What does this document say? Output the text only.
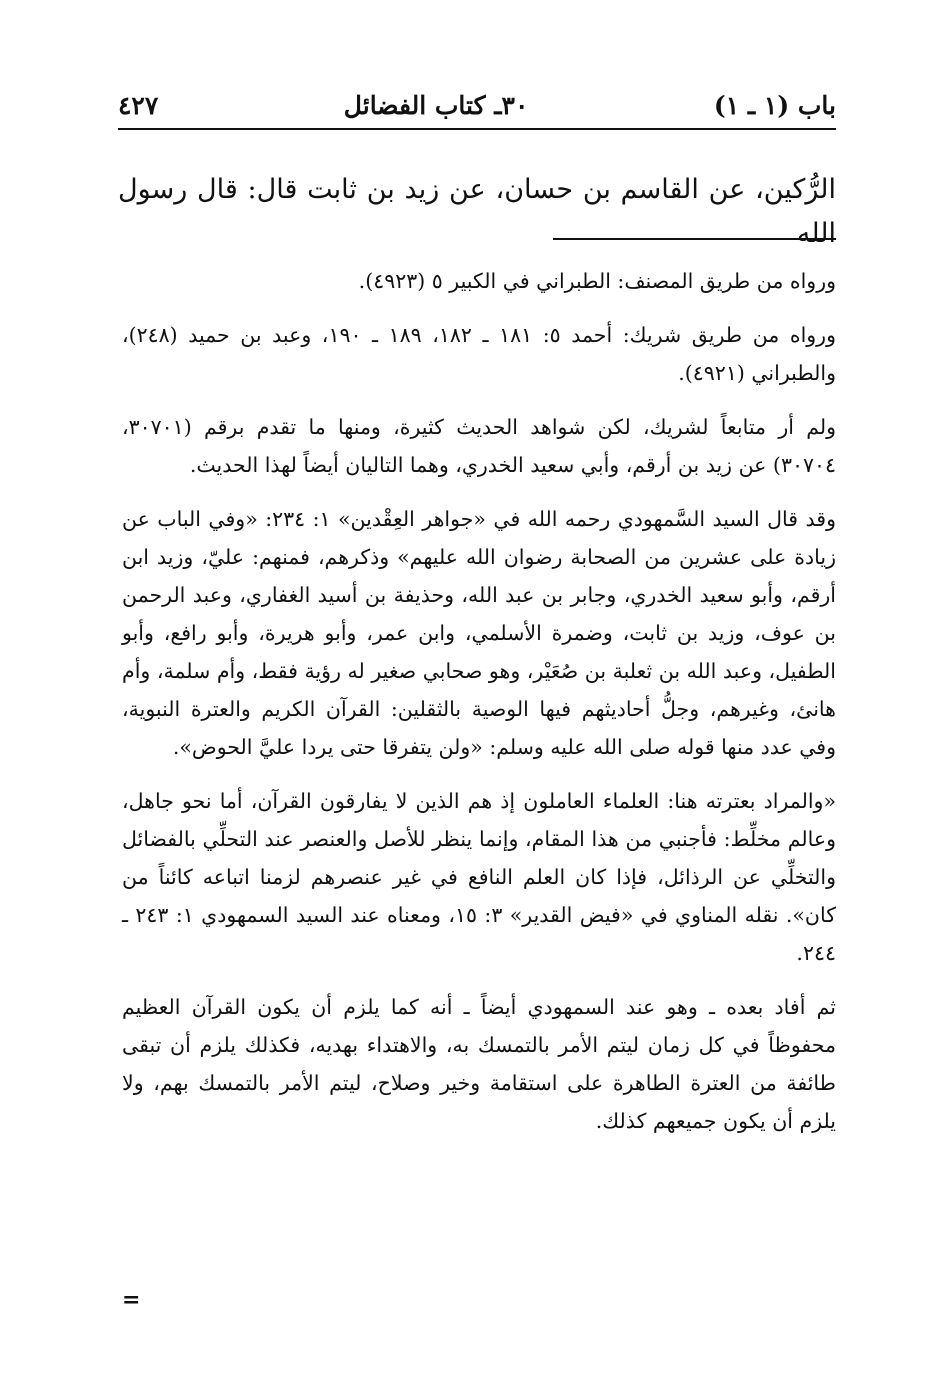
باب (١ ـ ١)
٣٠ـ كتاب الفضائل
٤٢٧

الرُّكين، عن القاسم بن حسان، عن زيد بن ثابت قال: قال رسول الله

ورواه من طريق المصنف: الطبراني في الكبير ٥ (٤٩٢٣).

ورواه من طريق شريك: أحمد ٥: ١٨١ ـ ١٨٢، ١٨٩ ـ ١٩٠، وعبد بن حميد (٢٤٨)، والطبراني (٤٩٢١).

ولم أر متابعاً لشريك، لكن شواهد الحديث كثيرة، ومنها ما تقدم برقم (٣٠٧٠١، ٣٠٧٠٤) عن زيد بن أرقم، وأبي سعيد الخدري، وهما التاليان أيضاً لهذا الحديث.

وقد قال السيد السَّمهودي رحمه الله في «جواهر العِقْدين» ١: ٢٣٤: «وفي الباب عن زيادة على عشرين من الصحابة رضوان الله عليهم» وذكرهم، فمنهم: عليّ، وزيد ابن أرقم، وأبو سعيد الخدري، وجابر بن عبد الله، وحذيفة بن أسيد الغفاري، وعبد الرحمن بن عوف، وزيد بن ثابت، وضمرة الأسلمي، وابن عمر، وأبو هريرة، وأبو رافع، وأبو الطفيل، وعبد الله بن ثعلبة بن صُعَيْر، وهو صحابي صغير له رؤية فقط، وأم سلمة، وأم هانئ، وغيرهم، وجلُّ أحاديثهم فيها الوصية بالثقلين: القرآن الكريم والعترة النبوية، وفي عدد منها قوله صلى الله عليه وسلم: «ولن يتفرقا حتى يردا عليَّ الحوض».

«والمراد بعترته هنا: العلماء العاملون إذ هم الذين لا يفارقون القرآن، أما نحو جاهل، وعالم مخلِّط: فأجنبي من هذا المقام، وإنما ينظر للأصل والعنصر عند التحلِّي بالفضائل والتخلِّي عن الرذائل، فإذا كان العلم النافع في غير عنصرهم لزمنا اتباعه كائناً من كان». نقله المناوي في «فيض القدير» ٣: ١٥، ومعناه عند السيد السمهودي ١: ٢٤٣ ـ ٢٤٤.

ثم أفاد بعده ـ وهو عند السمهودي أيضاً ـ أنه كما يلزم أن يكون القرآن العظيم محفوظاً في كل زمان ليتم الأمر بالتمسك به، والاهتداء بهديه، فكذلك يلزم أن تبقى طائفة من العترة الطاهرة على استقامة وخير وصلاح، ليتم الأمر بالتمسك بهم، ولا يلزم أن يكون جميعهم كذلك.

=
